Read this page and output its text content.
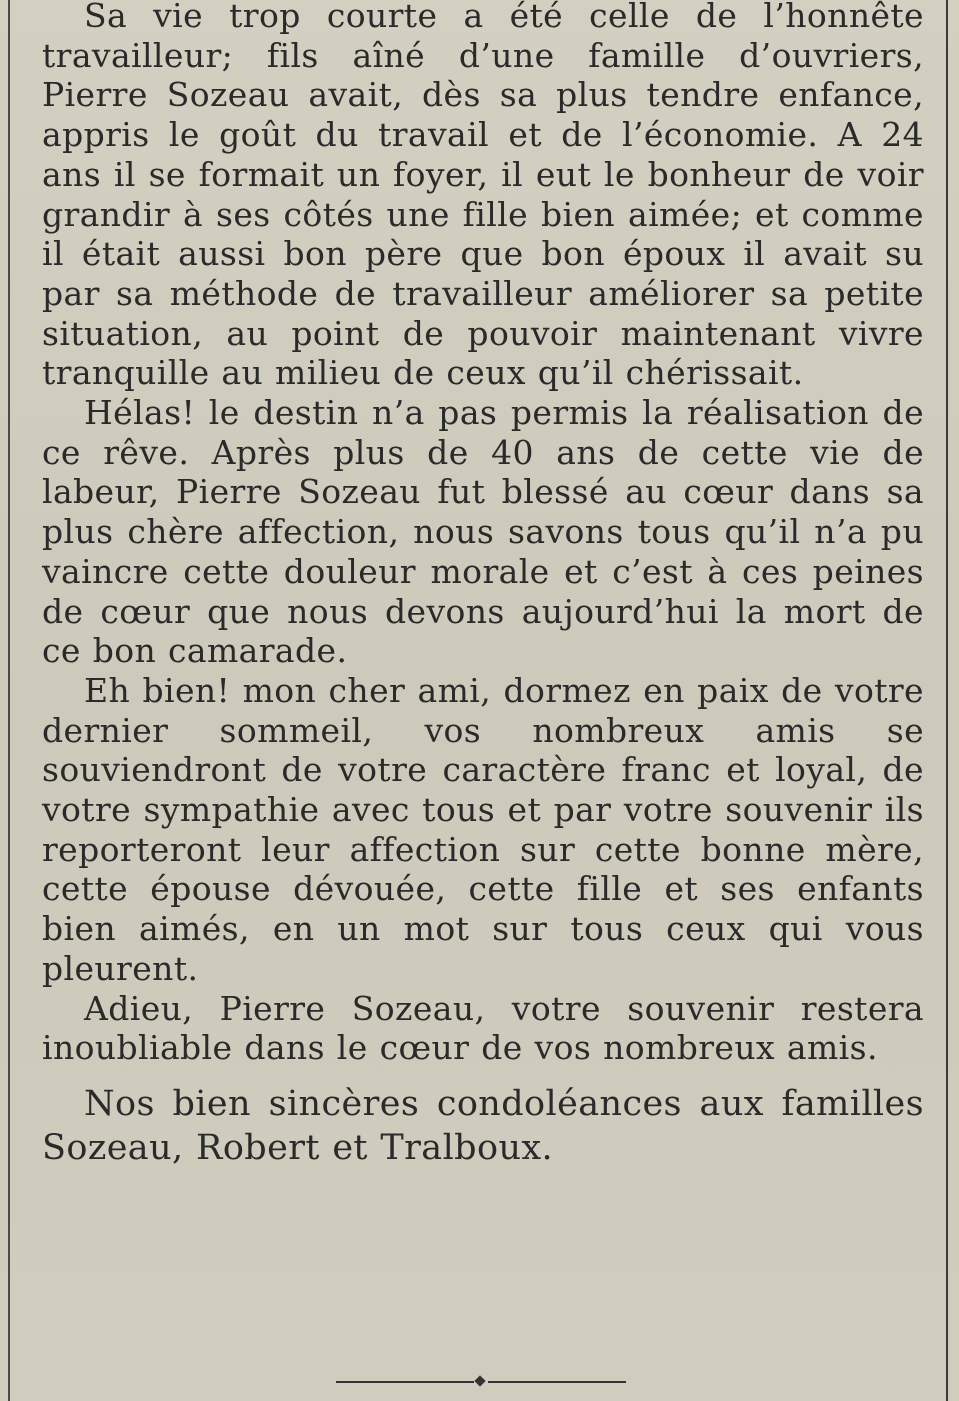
Sa vie trop courte a été celle de l’honnête travailleur; fils aîné d’une famille d’ouvriers, Pierre Sozeau avait, dès sa plus tendre enfance, appris le goût du travail et de l’économie. A 24 ans il se formait un foyer, il eut le bonheur de voir grandir à ses côtés une fille bien aimée; et comme il était aussi bon père que bon époux il avait su par sa méthode de travailleur améliorer sa petite situation, au point de pouvoir maintenant vivre tranquille au milieu de ceux qu’il chérissait.

Hélas! le destin n’a pas permis la réalisation de ce rêve. Après plus de 40 ans de cette vie de labeur, Pierre Sozeau fut blessé au cœur dans sa plus chère affection, nous savons tous qu’il n’a pu vaincre cette douleur morale et c’est à ces peines de cœur que nous devons aujourd’hui la mort de ce bon camarade.

Eh bien! mon cher ami, dormez en paix de votre dernier sommeil, vos nombreux amis se souviendront de votre caractère franc et loyal, de votre sympathie avec tous et par votre souvenir ils reporteront leur affection sur cette bonne mère, cette épouse dévouée, cette fille et ses enfants bien aimés, en un mot sur tous ceux qui vous pleurent.

Adieu, Pierre Sozeau, votre souvenir restera inoubliable dans le cœur de vos nombreux amis.

Nos bien sincères condoléances aux familles Sozeau, Robert et Tralboux.
